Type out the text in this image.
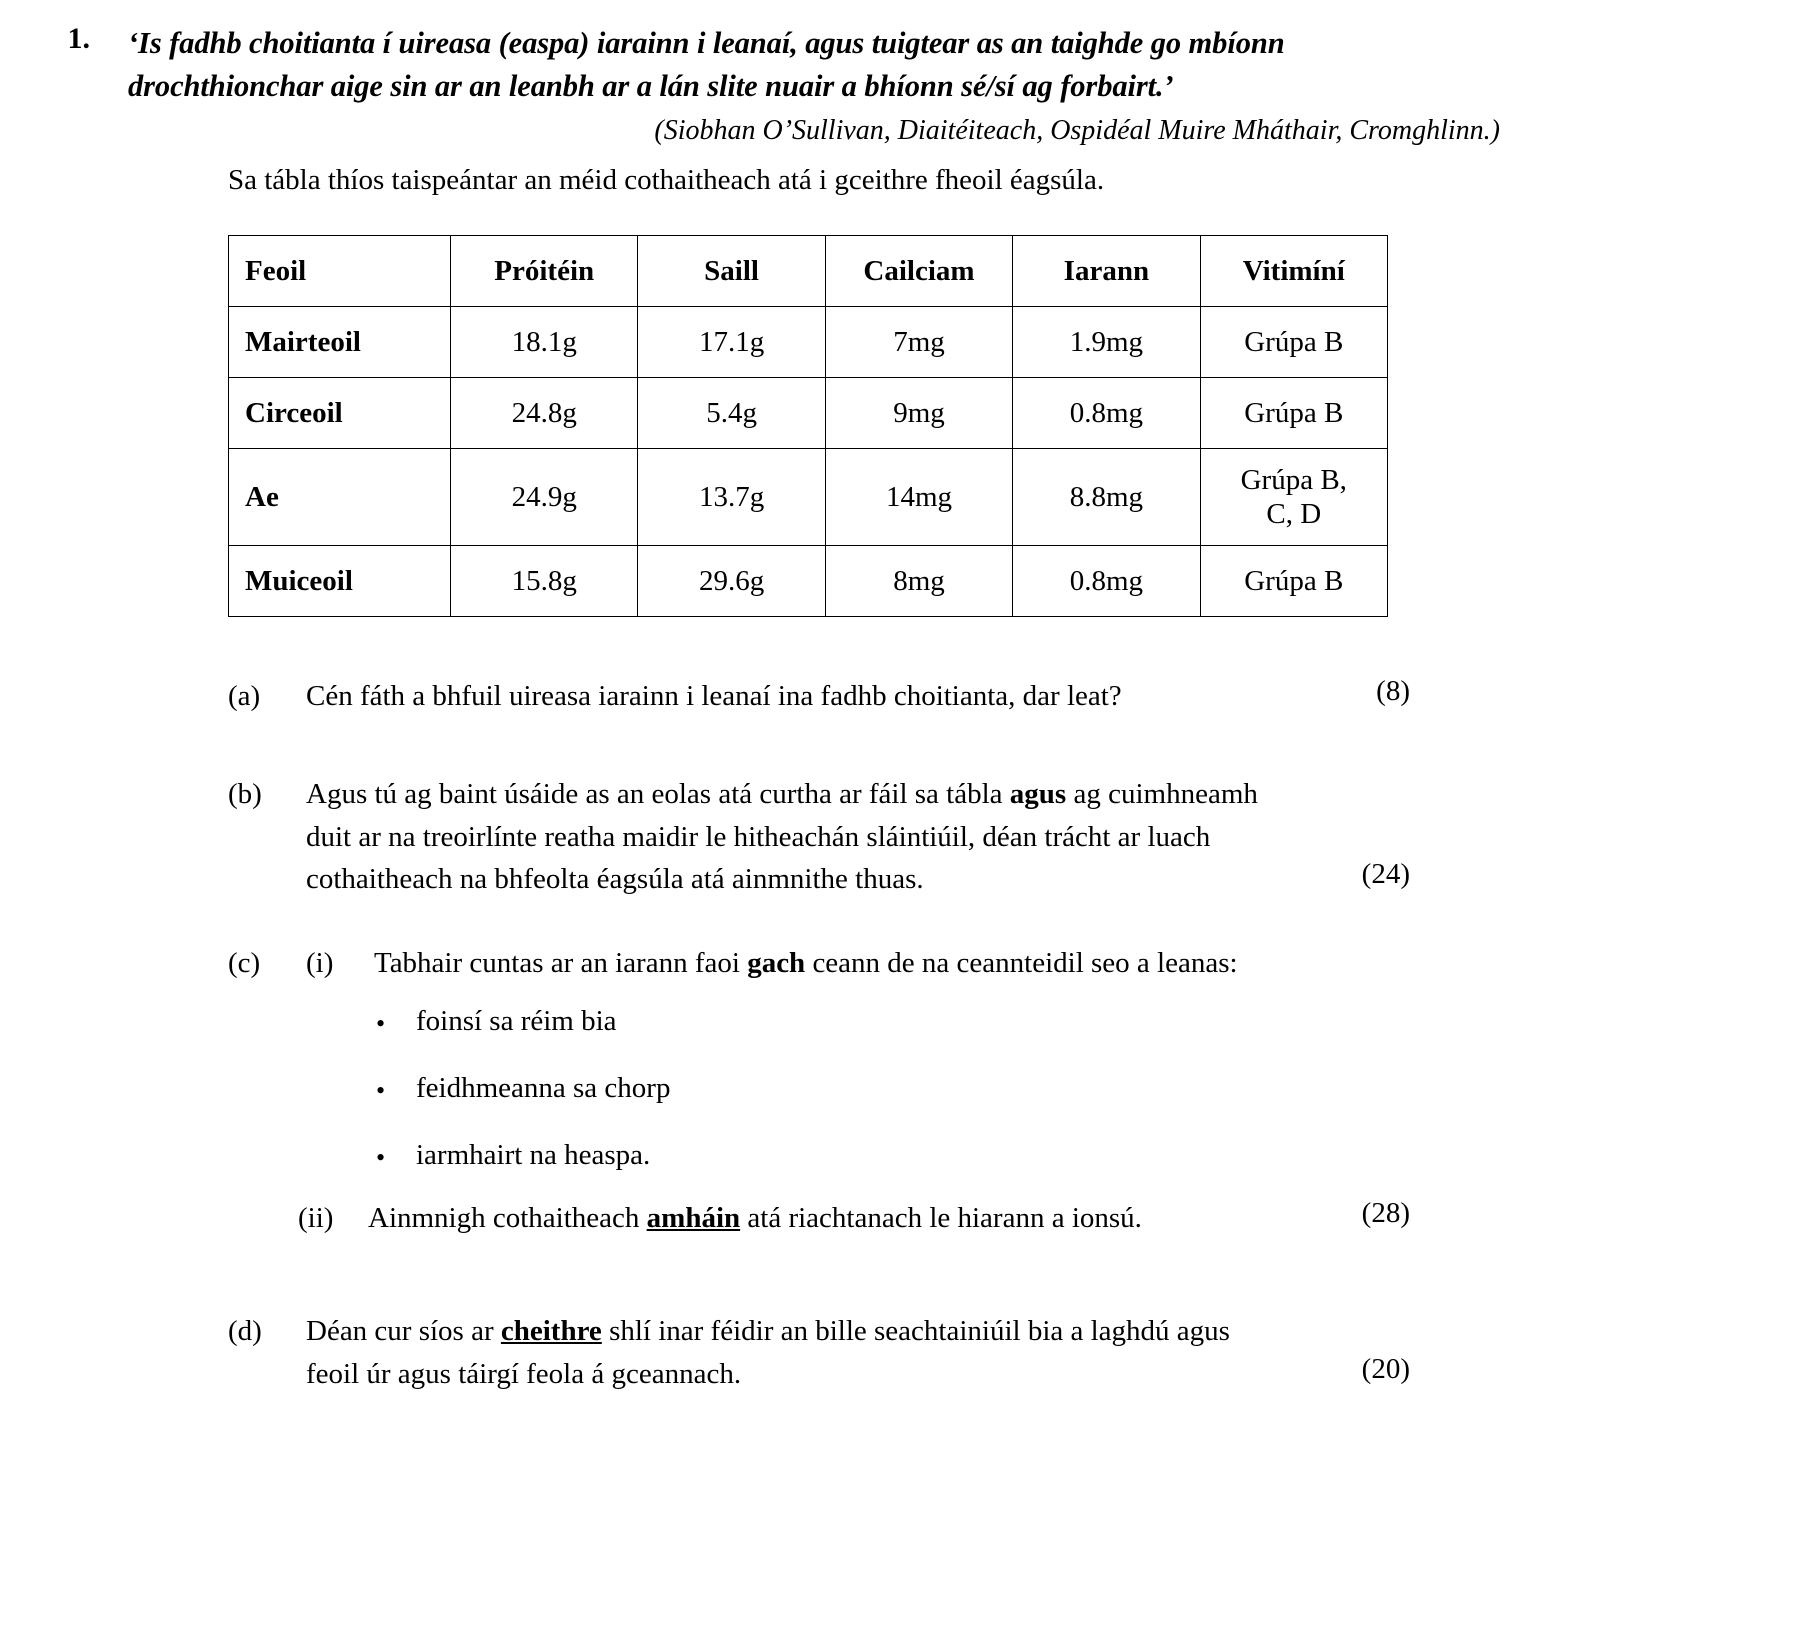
1. ‘Is fadhb choitianta í uireasa (easpa) iarainn i leanaí, agus tuigtear as an taighde go mbíonn
drochthionchar aige sin ar an leanbh ar a lán slite nuair a bhíonn sé/sí ag forbairt.’
(Siobhan O’Sullivan, Diaitéiteach, Ospidéal Muire Mháthair, Cromghlinn.)
Sa tábla thíos taispeántar an méid cothaitheach atá i gceithre fheoil éagsúla.
Feoil	Próitéin	Saill	Cailciam	Iarann	Vitimíní
Mairteoil	18.1g	17.1g	7mg	1.9mg	Grúpa B
Circeoil	24.8g	5.4g	9mg	0.8mg	Grúpa B
Ae	24.9g	13.7g	14mg	8.8mg	Grúpa B,
C, D

Muiceoil	15.8g	29.6g	8mg	0.8mg	Grúpa B
(a)	Cén fáth a bhfuil uireasa iarainn i leanaí ina fadhb choitianta, dar leat?	(8)
(b)	Agus tú ag baint úsáide as an eolas atá curtha ar fáil sa tábla agus ag cuimhneamh
duit ar na treoirlínte reatha maidir le hitheachán sláintiúil, déan trácht ar luach
cothaitheach na bhfeolta éagsúla atá ainmnithe thuas.	(24)
(c)	(i)	Tabhair cuntas ar an iarann faoi gach ceann de na ceannteidil seo a leanas:
• foinsí sa réim bia
• feidhmeanna sa chorp
• iarmhairt na heaspa.
(ii)	Ainmnigh cothaitheach amháin atá riachtanach le hiarann a ionsú.	(28)
(d)	Déan cur síos ar cheithre shlí inar féidir an bille seachtainiúil bia a laghdú agus
feoil úr agus táirgí feola á gceannach.	(20)
